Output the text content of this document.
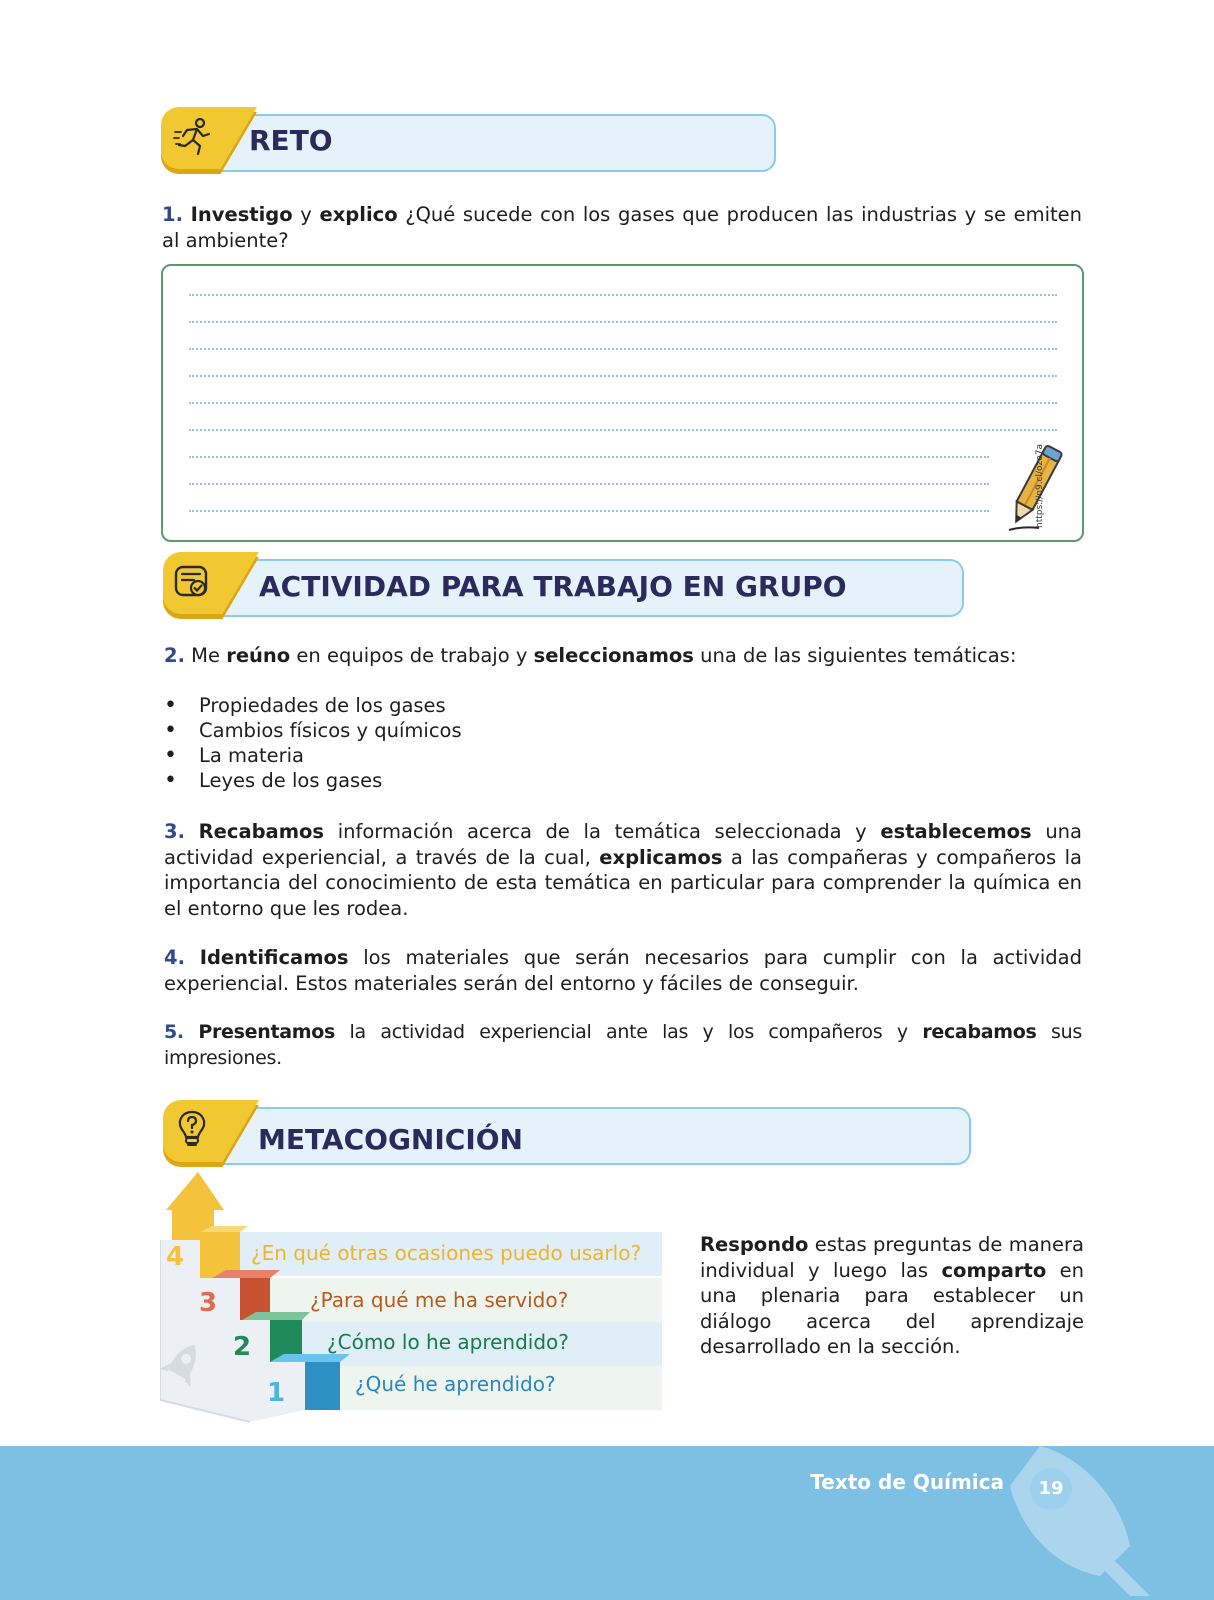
RETO
1. Investigo y explico ¿Qué sucede con los gases que producen las industrias y se emiten al ambiente?
https://n9.cl/ozo7a
ACTIVIDAD PARA TRABAJO EN GRUPO
2. Me reúno en equipos de trabajo y seleccionamos una de las siguientes temáticas:
• Propiedades de los gases
• Cambios físicos y químicos
• La materia
• Leyes de los gases
3. Recabamos información acerca de la temática seleccionada y establecemos una actividad experiencial, a través de la cual, explicamos a las compañeras y compañeros la importancia del conocimiento de esta temática en particular para comprender la química en el entorno que les rodea.
4. Identificamos los materiales que serán necesarios para cumplir con la actividad experiencial. Estos materiales serán del entorno y fáciles de conseguir.
5. Presentamos la actividad experiencial ante las y los compañeros y recabamos sus impresiones.
METACOGNICIÓN
4
3
2
1
¿En qué otras ocasiones puedo usarlo?
¿Para qué me ha servido?
¿Cómo lo he aprendido?
¿Qué he aprendido?
Respondo estas preguntas de manera individual y luego las comparto en una plenaria para establecer un diálogo acerca del aprendizaje desarrollado en la sección.
Texto de Química	19
